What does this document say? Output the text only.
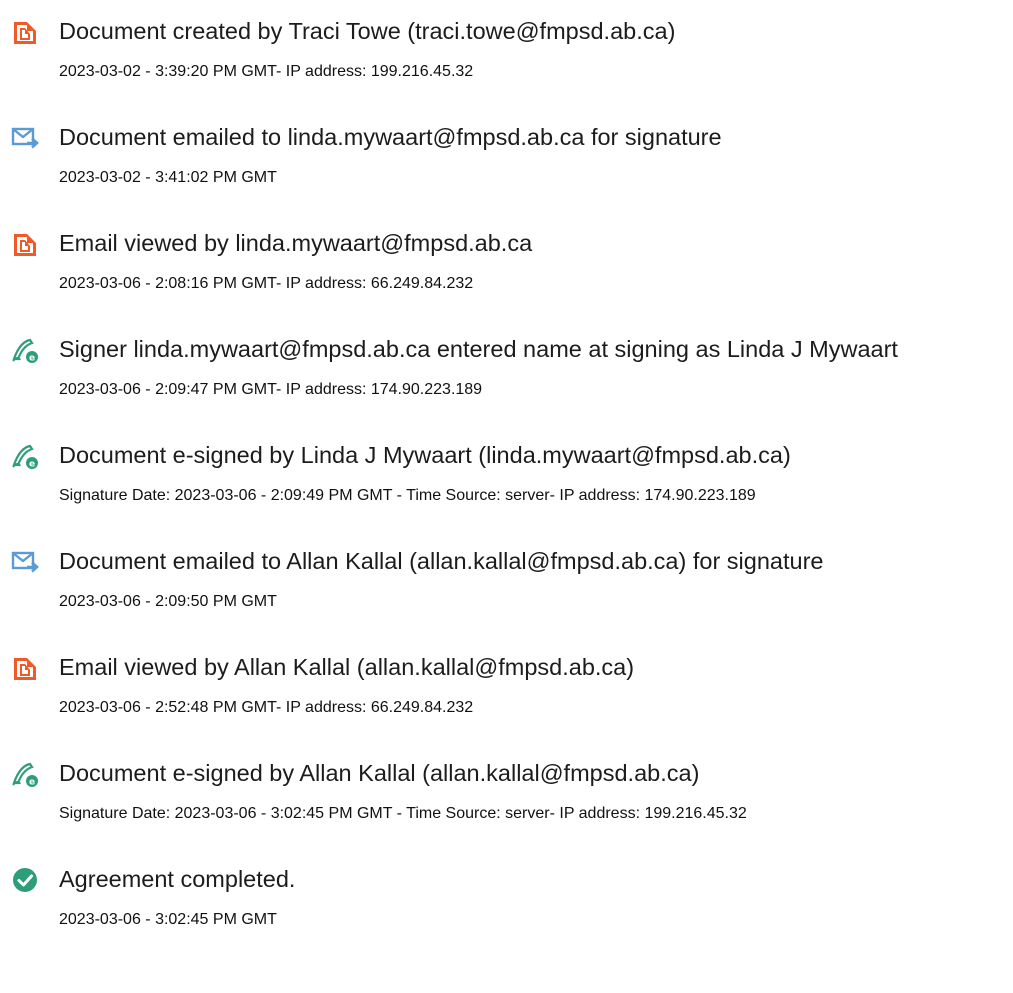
Document created by Traci Towe (traci.towe@fmpsd.ab.ca)
2023-03-02 - 3:39:20 PM GMT- IP address: 199.216.45.32
Document emailed to linda.mywaart@fmpsd.ab.ca for signature
2023-03-02 - 3:41:02 PM GMT
Email viewed by linda.mywaart@fmpsd.ab.ca
2023-03-06 - 2:08:16 PM GMT- IP address: 66.249.84.232
e Signer linda.mywaart@fmpsd.ab.ca entered name at signing as Linda J Mywaart
2023-03-06 - 2:09:47 PM GMT- IP address: 174.90.223.189
e Document e-signed by Linda J Mywaart (linda.mywaart@fmpsd.ab.ca)
Signature Date: 2023-03-06 - 2:09:49 PM GMT - Time Source: server- IP address: 174.90.223.189
Document emailed to Allan Kallal (allan.kallal@fmpsd.ab.ca) for signature
2023-03-06 - 2:09:50 PM GMT
Email viewed by Allan Kallal (allan.kallal@fmpsd.ab.ca)
2023-03-06 - 2:52:48 PM GMT- IP address: 66.249.84.232
e Document e-signed by Allan Kallal (allan.kallal@fmpsd.ab.ca)
Signature Date: 2023-03-06 - 3:02:45 PM GMT - Time Source: server- IP address: 199.216.45.32
Agreement completed.
2023-03-06 - 3:02:45 PM GMT
